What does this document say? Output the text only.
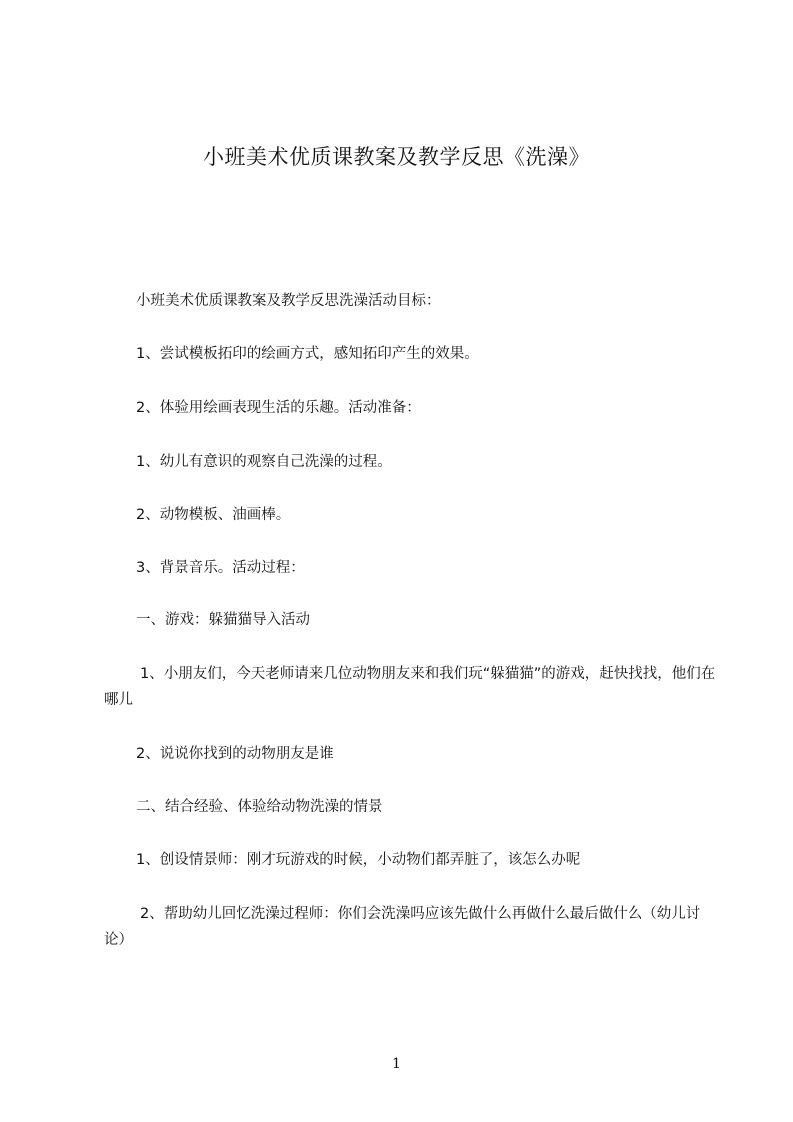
小班美术优质课教案及教学反思《洗澡》

小班美术优质课教案及教学反思洗澡活动目标：

1、尝试模板拓印的绘画方式，感知拓印产生的效果。

2、体验用绘画表现生活的乐趣。活动准备：

1、幼儿有意识的观察自己洗澡的过程。

2、动物模板、油画棒。

3、背景音乐。活动过程：

一、游戏：躲猫猫导入活动

1、小朋友们，今天老师请来几位动物朋友来和我们玩“躲猫猫”的游戏，赶快找找，他们在哪儿

2、说说你找到的动物朋友是谁

二、结合经验、体验给动物洗澡的情景

1、创设情景师：刚才玩游戏的时候，小动物们都弄脏了，该怎么办呢

2、帮助幼儿回忆洗澡过程师：你们会洗澡吗应该先做什么再做什么最后做什么（幼儿讨论）

1
